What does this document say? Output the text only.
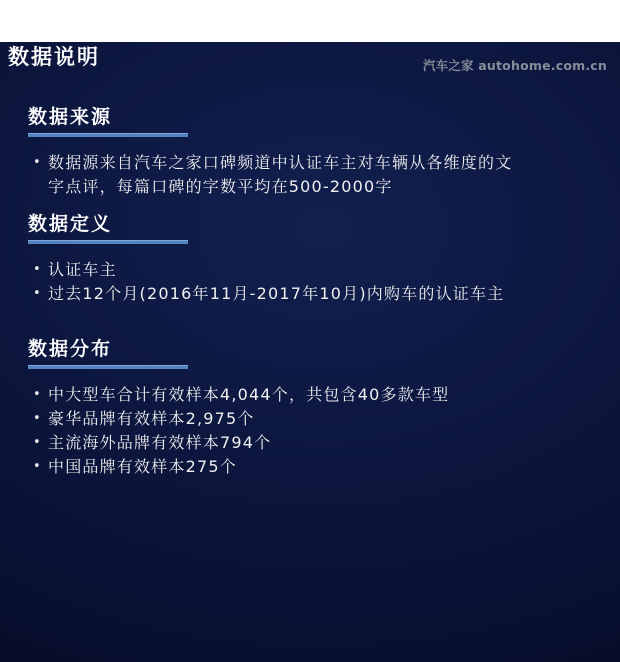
汽车之家 autohome.com.cn
数据说明
数据来源
• 数据源来自汽车之家口碑频道中认证车主对车辆从各维度的文字点评，每篇口碑的字数平均在500-2000字
数据定义
• 认证车主
• 过去12个月(2016年11月-2017年10月)内购车的认证车主
数据分布
• 中大型车合计有效样本4,044个，共包含40多款车型
• 豪华品牌有效样本2,975个
• 主流海外品牌有效样本794个
• 中国品牌有效样本275个
